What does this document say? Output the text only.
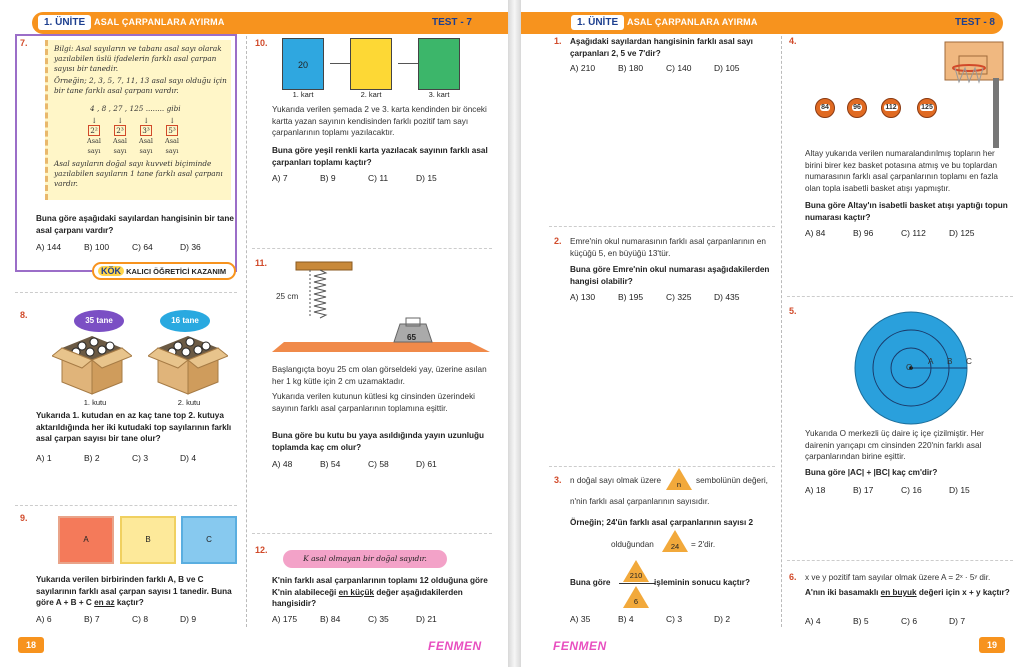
1. ÜNİTE ASAL ÇARPANLARA AYIRMA	TEST - 7
7.
Bilgi: Asal sayıların ve tabanı asal sayı olarak yazılabilen üslü ifadelerin farklı asal çarpan sayısı bir tanedir.
Örneğin; 2, 3, 5, 7, 11, 13 asal sayı olduğu için bir tane farklı asal çarpanı vardır.
4 , 8 , 27 , 125 ........ gibi
↓
2²
Asal sayı
↓
2³
Asal sayı
↓
3³
Asal sayı
↓
5³
Asal sayı
Asal sayıların doğal sayı kuvveti biçiminde yazılabilen sayıların 1 tane farklı asal çarpanı vardır.
Buna göre aşağıdaki sayılardan hangisinin bir tane asal çarpanı vardır?
A) 144	B) 100	C) 64	D) 36
KÖK KALICI ÖĞRETİCİ KAZANIM
8.
35 tane	16 tane
1. kutu	2. kutu
Yukarıda 1. kutudan en az kaç tane top 2. kutuya aktarıldığında her iki kutudaki top sayılarının farklı asal çarpan sayısı bir tane olur?
A) 1	B) 2	C) 3	D) 4
9.
A	B	C
Yukarıda verilen birbirinden farklı A, B ve C sayılarının farklı asal çarpan sayısı 1 tanedir. Buna göre A + B + C en az kaçtır?
A) 6	B) 7	C) 8	D) 9
10.
20
1. kart	2. kart	3. kart
Yukarıda verilen şemada 2 ve 3. karta kendinden bir önceki kartta yazan sayının kendisinden farklı pozitif tam sayı çarpanlarının toplamı yazılacaktır.
Buna göre yeşil renkli karta yazılacak sayının farklı asal çarpanları toplamı kaçtır?
A) 7	B) 9	C) 11	D) 15
11.
25 cm
65
Başlangıçta boyu 25 cm olan görseldeki yay, üzerine asılan her 1 kg kütle için 2 cm uzamaktadır.
Yukarıda verilen kutunun kütlesi kg cinsinden üzerindeki sayının farklı asal çarpanlarının toplamına eşittir.
Buna göre bu kutu bu yaya asıldığında yayın uzunluğu toplamda kaç cm olur?
A) 48	B) 54	C) 58	D) 61
12.
K asal olmayan bir doğal sayıdır.
K'nin farklı asal çarpanlarının toplamı 12 olduğuna göre K'nin alabileceği en küçük değer aşağıdakilerden hangisidir?
A) 175	B) 84	C) 35	D) 21
18	FENMEN
1. ÜNİTE ASAL ÇARPANLARA AYIRMA	TEST - 8
1. Aşağıdaki sayılardan hangisinin farklı asal sayı çarpanları 2, 5 ve 7'dir?
A) 210	B) 180	C) 140	D) 105
2. Emre'nin okul numarasının farklı asal çarpanlarının en küçüğü 5, en büyüğü 13'tür.
Buna göre Emre'nin okul numarası aşağıdakilerden hangisi olabilir?
A) 130	B) 195	C) 325	D) 435
3. n doğal sayı olmak üzere	n	sembolünün değeri,
n'nin farklı asal çarpanlarının sayısıdır.
Örneğin; 24'ün farklı asal çarpanlarının sayısı 2
olduğundan	24	= 2'dir.
Buna göre
210
6
işleminin sonucu kaçtır?
A) 35	B) 4	C) 3	D) 2
4.
84	96	112	125
Altay yukarıda verilen numaralandırılmış topların her birini birer kez basket potasına atmış ve bu toplardan numarasının farklı asal çarpanlarının toplamı en fazla olan topla isabetli basket atışı yapmıştır.
Buna göre Altay'ın isabetli basket atışı yaptığı topun numarası kaçtır?
A) 84	B) 96	C) 112	D) 125
5.
O
A B C
Yukarıda O merkezli üç daire iç içe çizilmiştir. Her dairenin yarıçapı cm cinsinden 220'nin farklı asal çarpanlarından birine eşittir.
Buna göre |AC| + |BC| kaç cm'dir?
A) 18	B) 17	C) 16	D) 15
6. x ve y pozitif tam sayılar olmak üzere A = 2ˣ · 5ʸ dir.
A'nın iki basamaklı en buyuk değeri için x + y kaçtır?
A) 4	B) 5	C) 6	D) 7
FENMEN	19
